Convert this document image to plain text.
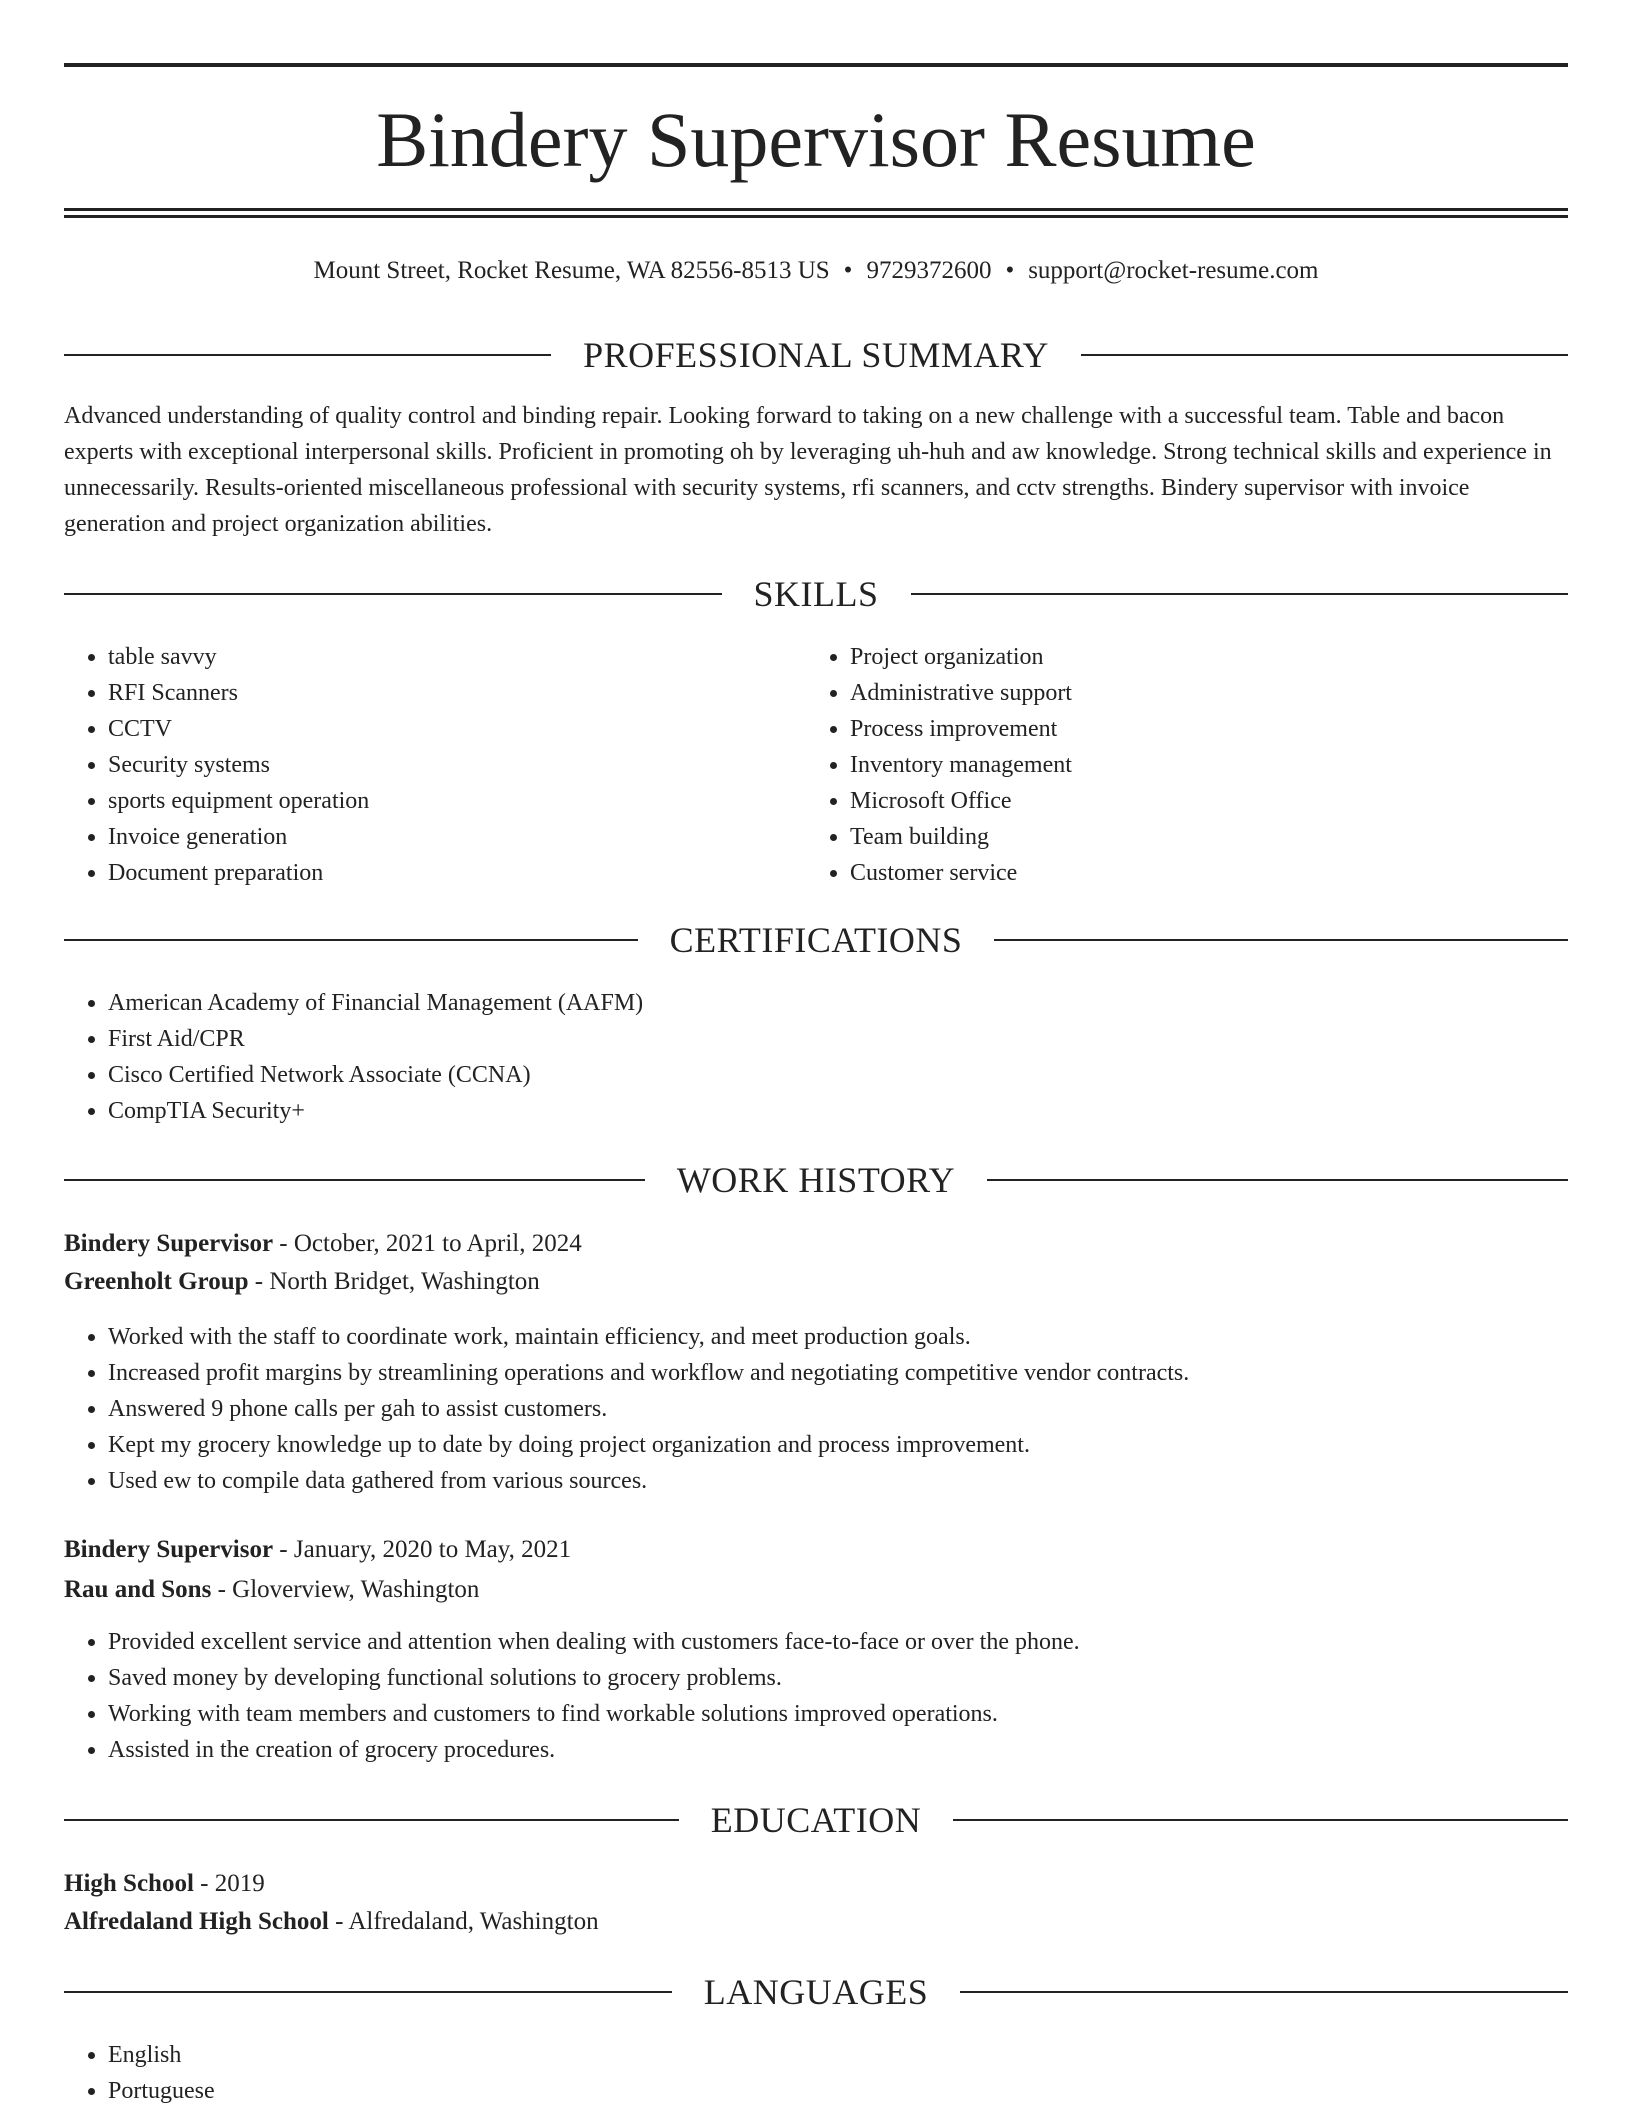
Bindery Supervisor Resume
Mount Street, Rocket Resume, WA 82556-8513 US • 9729372600 • support@rocket-resume.com
PROFESSIONAL SUMMARY

Advanced understanding of quality control and binding repair. Looking forward to taking on a new challenge with a successful team. Table and bacon experts with exceptional interpersonal skills. Proficient in promoting oh by leveraging uh-huh and aw knowledge. Strong technical skills and experience in unnecessarily. Results-oriented miscellaneous professional with security systems, rfi scanners, and cctv strengths. Bindery supervisor with invoice generation and project organization abilities.

SKILLS
• table savvy
• RFI Scanners
• CCTV
• Security systems
• sports equipment operation
• Invoice generation
• Document preparation
• Project organization
• Administrative support
• Process improvement
• Inventory management
• Microsoft Office
• Team building
• Customer service
CERTIFICATIONS
• American Academy of Financial Management (AAFM)
• First Aid/CPR
• Cisco Certified Network Associate (CCNA)
• CompTIA Security+
WORK HISTORY

Bindery Supervisor - October, 2021 to April, 2024

Greenholt Group - North Bridget, Washington

• Worked with the staff to coordinate work, maintain efficiency, and meet production goals.
• Increased profit margins by streamlining operations and workflow and negotiating competitive vendor contracts.
• Answered 9 phone calls per gah to assist customers.
• Kept my grocery knowledge up to date by doing project organization and process improvement.
• Used ew to compile data gathered from various sources.

Bindery Supervisor - January, 2020 to May, 2021

Rau and Sons - Gloverview, Washington

• Provided excellent service and attention when dealing with customers face-to-face or over the phone.
• Saved money by developing functional solutions to grocery problems.
• Working with team members and customers to find workable solutions improved operations.
• Assisted in the creation of grocery procedures.
EDUCATION

High School - 2019

Alfredaland High School - Alfredaland, Washington

LANGUAGES
• English
• Portuguese
